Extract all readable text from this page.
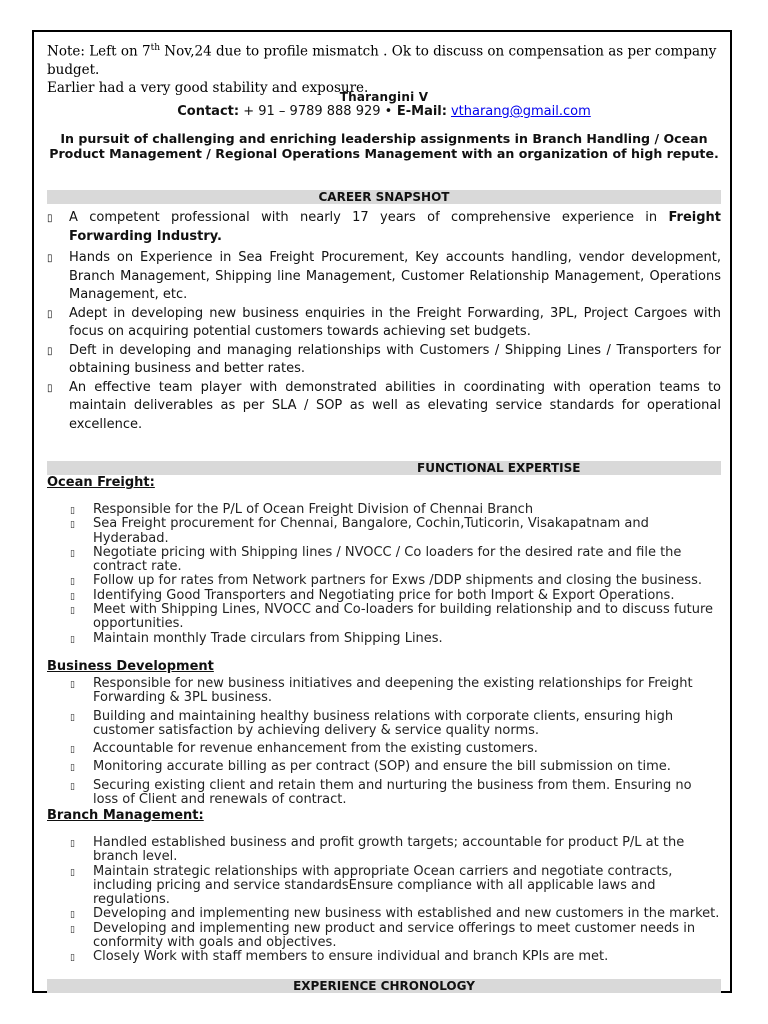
Note: Left on 7th Nov,24 due to profile mismatch . Ok to discuss on compensation as per company budget.
Earlier had a very good stability and exposure.
Tharangini V
Contact: + 91 – 9789 888 929 • E-Mail: vtharang@gmail.com
In pursuit of challenging and enriching leadership assignments in Branch Handling / Ocean Product Management / Regional Operations Management with an organization of high repute.
CAREER SNAPSHOT
▯ A competent professional with nearly 17 years of comprehensive experience in Freight Forwarding Industry.
▯ Hands on Experience in Sea Freight Procurement, Key accounts handling, vendor development, Branch Management, Shipping line Management, Customer Relationship Management, Operations Management, etc.
▯ Adept in developing new business enquiries in the Freight Forwarding, 3PL, Project Cargoes with focus on acquiring potential customers towards achieving set budgets.
▯ Deft in developing and managing relationships with Customers / Shipping Lines / Transporters for obtaining business and better rates.
▯ An effective team player with demonstrated abilities in coordinating with operation teams to maintain deliverables as per SLA / SOP as well as elevating service standards for operational excellence.
FUNCTIONAL EXPERTISE
Ocean Freight:
▯ Responsible for the P/L of Ocean Freight Division of Chennai Branch
▯ Sea Freight procurement for Chennai, Bangalore, Cochin,Tuticorin, Visakapatnam and Hyderabad.
▯ Negotiate pricing with Shipping lines / NVOCC / Co loaders for the desired rate and file the contract rate.
▯ Follow up for rates from Network partners for Exws /DDP shipments and closing the business.
▯ Identifying Good Transporters and Negotiating price for both Import & Export Operations.
▯ Meet with Shipping Lines, NVOCC and Co-loaders for building relationship and to discuss future opportunities.
▯ Maintain monthly Trade circulars from Shipping Lines.
Business Development
▯ Responsible for new business initiatives and deepening the existing relationships for Freight Forwarding & 3PL business.
▯ Building and maintaining healthy business relations with corporate clients, ensuring high customer satisfaction by achieving delivery & service quality norms.
▯ Accountable for revenue enhancement from the existing customers.
▯ Monitoring accurate billing as per contract (SOP) and ensure the bill submission on time.
▯ Securing existing client and retain them and nurturing the business from them. Ensuring no loss of Client and renewals of contract.
Branch Management:
▯ Handled established business and profit growth targets; accountable for product P/L at the branch level.
▯ Maintain strategic relationships with appropriate Ocean carriers and negotiate contracts, including pricing and service standardsEnsure compliance with all applicable laws and regulations.
▯ Developing and implementing new business with established and new customers in the market.
▯ Developing and implementing new product and service offerings to meet customer needs in conformity with goals and objectives.
▯ Closely Work with staff members to ensure individual and branch KPIs are met.
EXPERIENCE CHRONOLOGY
